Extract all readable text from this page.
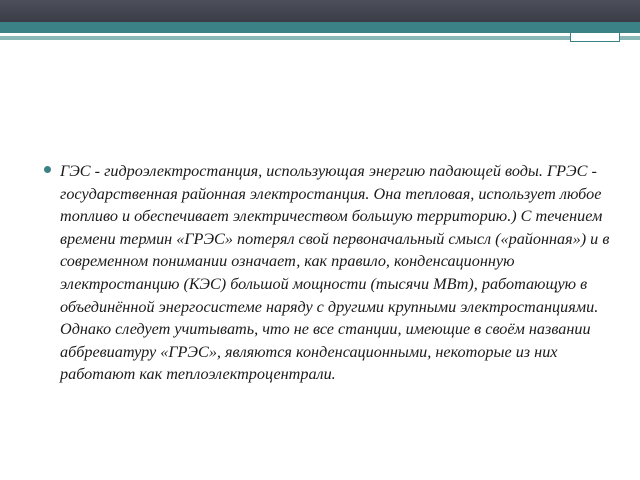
ГЭС - гидроэлектростанция, использующая энергию падающей воды. ГРЭС - государственная районная электростанция. Она тепловая, использует любое топливо и обеспечивает электричеством большую территорию.) С течением времени термин «ГРЭС» потерял свой первоначальный смысл («районная») и в современном понимании означает, как правило, конденсационную электростанцию (КЭС) большой мощности (тысячи МВт), работающую в объединённой энергосистеме наряду с другими крупными электростанциями. Однако следует учитывать, что не все станции, имеющие в своём названии аббревиатуру «ГРЭС», являются конденсационными, некоторые из них работают как теплоэлектроцентрали.
